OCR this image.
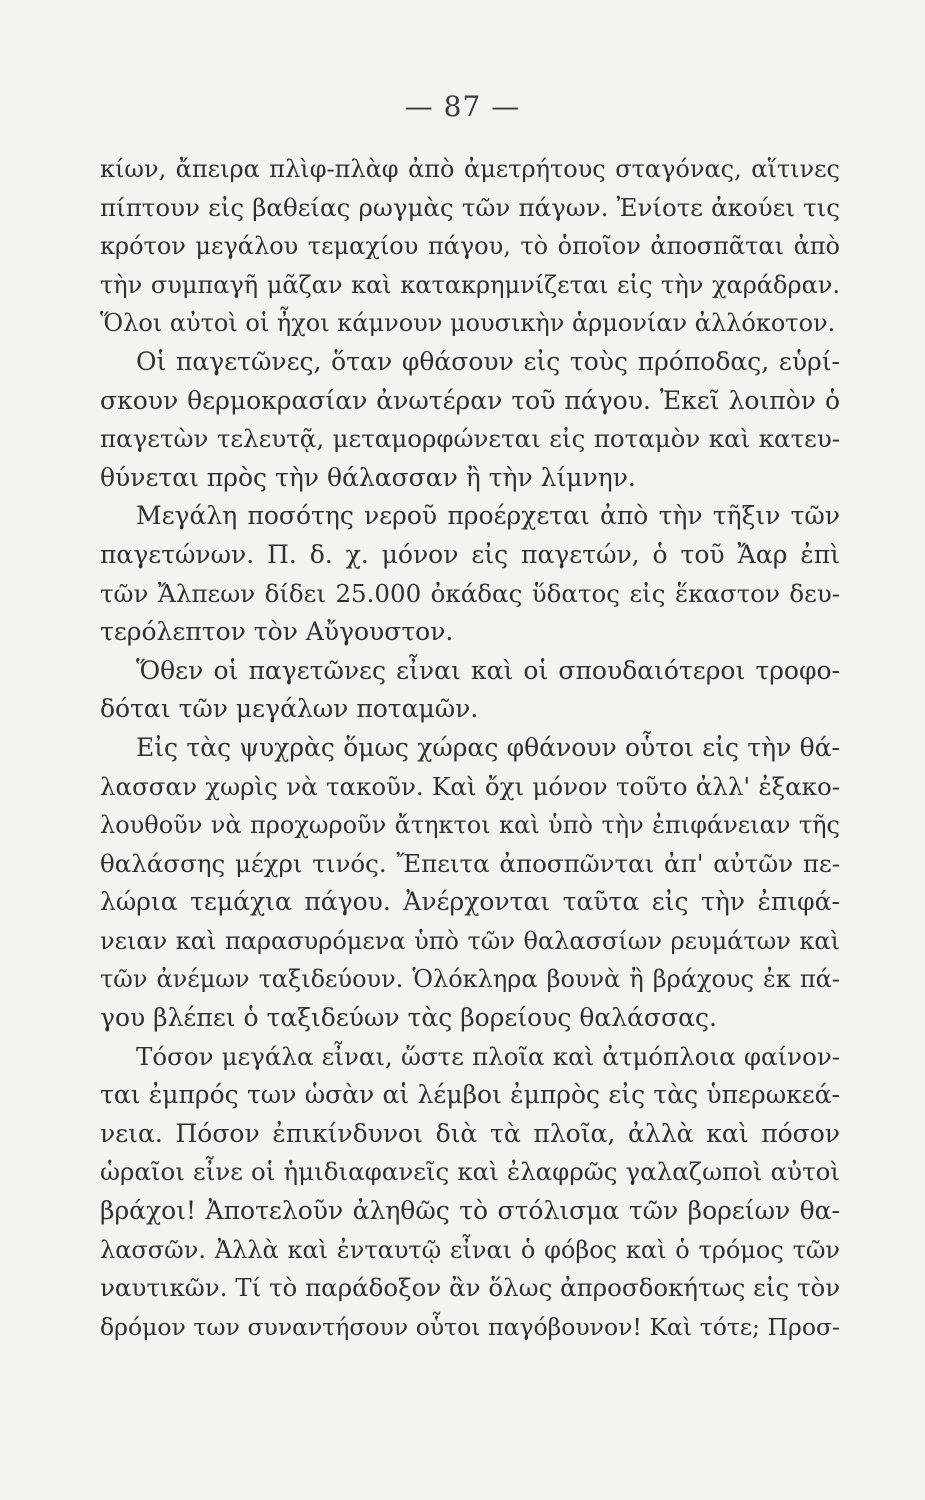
— 87 —
κίων, ἄπειρα πλὶφ-πλὰφ ἀπὸ ἀμετρήτους σταγόνας, αἵτινες
πίπτουν εἰς βαθείας ρωγμὰς τῶν πάγων. Ἐνίοτε ἀκούει τις
κρότον μεγάλου τεμαχίου πάγου, τὸ ὁποῖον ἀποσπᾶται ἀπὸ
τὴν συμπαγῆ μᾶζαν καὶ κατακρημνίζεται εἰς τὴν χαράδραν.
Ὅλοι αὐτοὶ οἱ ἦχοι κάμνουν μουσικὴν ἁρμονίαν ἀλλόκοτον.
Οἱ παγετῶνες, ὅταν φθάσουν εἰς τοὺς πρόποδας, εὑρί-
σκουν θερμοκρασίαν ἀνωτέραν τοῦ πάγου. Ἐκεῖ λοιπὸν ὁ
παγετὼν τελευτᾷ, μεταμορφώνεται εἰς ποταμὸν καὶ κατευ-
θύνεται πρὸς τὴν θάλασσαν ἢ τὴν λίμνην.
Μεγάλη ποσότης νεροῦ προέρχεται ἀπὸ τὴν τῆξιν τῶν
παγετώνων. Π. δ. χ. μόνον εἰς παγετών, ὁ τοῦ Ἄαρ ἐπὶ
τῶν Ἄλπεων δίδει 25.000 ὀκάδας ὕδατος εἰς ἕκαστον δευ-
τερόλεπτον τὸν Αὔγουστον.
Ὅθεν οἱ παγετῶνες εἶναι καὶ οἱ σπουδαιότεροι τροφο-
δόται τῶν μεγάλων ποταμῶν.
Εἰς τὰς ψυχρὰς ὅμως χώρας φθάνουν οὗτοι εἰς τὴν θά-
λασσαν χωρὶς νὰ τακοῦν. Καὶ ὄχι μόνον τοῦτο ἀλλ' ἐξακο-
λουθοῦν νὰ προχωροῦν ἄτηκτοι καὶ ὑπὸ τὴν ἐπιφάνειαν τῆς
θαλάσσης μέχρι τινός. Ἔπειτα ἀποσπῶνται ἀπ' αὐτῶν πε-
λώρια τεμάχια πάγου. Ἀνέρχονται ταῦτα εἰς τὴν ἐπιφά-
νειαν καὶ παρασυρόμενα ὑπὸ τῶν θαλασσίων ρευμάτων καὶ
τῶν ἀνέμων ταξιδεύουν. Ὁλόκληρα βουνὰ ἢ βράχους ἐκ πά-
γου βλέπει ὁ ταξιδεύων τὰς βορείους θαλάσσας.
Τόσον μεγάλα εἶναι, ὥστε πλοῖα καὶ ἀτμόπλοια φαίνον-
ται ἐμπρός των ὡσὰν αἱ λέμβοι ἐμπρὸς εἰς τὰς ὑπερωκεά-
νεια. Πόσον ἐπικίνδυνοι διὰ τὰ πλοῖα, ἀλλὰ καὶ πόσον
ὡραῖοι εἶνε οἱ ἡμιδιαφανεῖς καὶ ἐλαφρῶς γαλαζωποὶ αὐτοὶ
βράχοι! Ἀποτελοῦν ἀληθῶς τὸ στόλισμα τῶν βορείων θα-
λασσῶν. Ἀλλὰ καὶ ἐνταυτῷ εἶναι ὁ φόβος καὶ ὁ τρόμος τῶν
ναυτικῶν. Τί τὸ παράδοξον ἂν ὅλως ἀπροσδοκήτως εἰς τὸν
δρόμον των συναντήσουν οὗτοι παγόβουνον! Καὶ τότε; Προσ-
